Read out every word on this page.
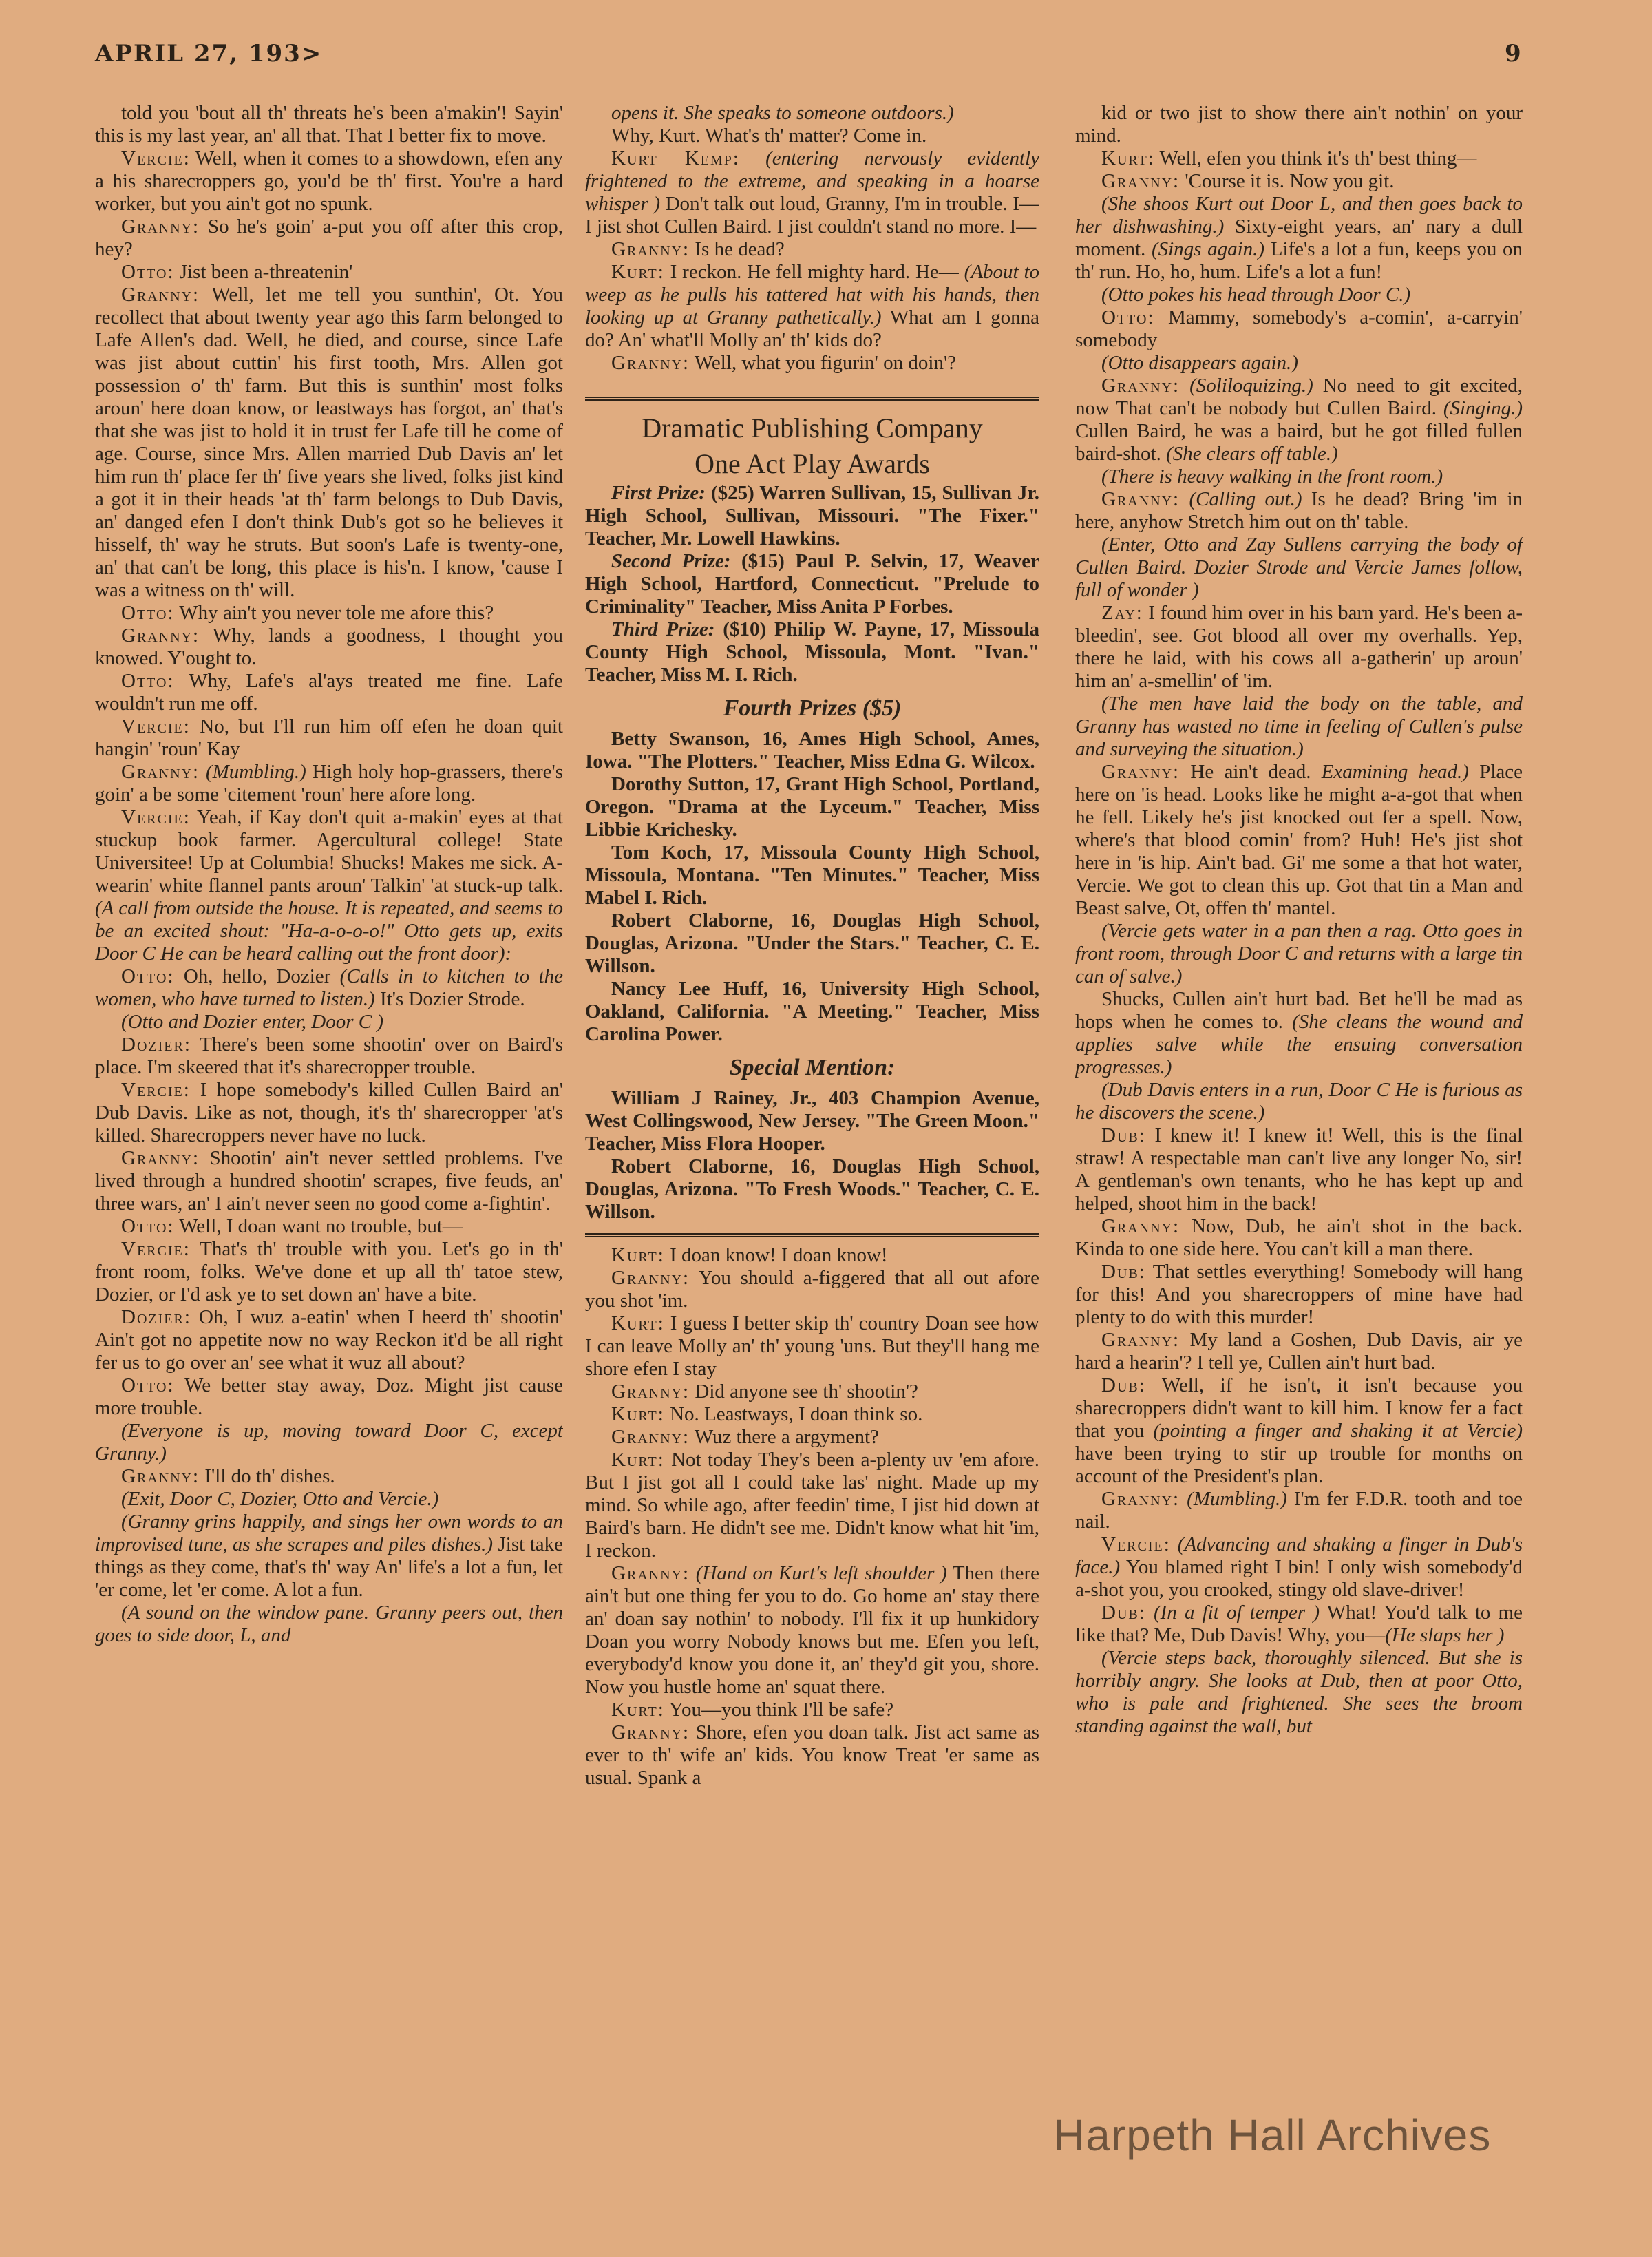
APRIL 27, 193>	9

told you 'bout all th' threats he's been a'makin'! Sayin' this is my last year, an' all that. That I better fix to move.

Vercie: Well, when it comes to a showdown, efen any a his sharecroppers go, you'd be th' first. You're a hard worker, but you ain't got no spunk.

Granny: So he's goin' a-put you off after this crop, hey?

Otto: Jist been a-threatenin'

Granny: Well, let me tell you sunthin', Ot. You recollect that about twenty year ago this farm belonged to Lafe Allen's dad. Well, he died, and course, since Lafe was jist about cuttin' his first tooth, Mrs. Allen got possession o' th' farm. But this is sunthin' most folks aroun' here doan know, or leastways has forgot, an' that's that she was jist to hold it in trust fer Lafe till he come of age. Course, since Mrs. Allen married Dub Davis an' let him run th' place fer th' five years she lived, folks jist kind a got it in their heads 'at th' farm belongs to Dub Davis, an' danged efen I don't think Dub's got so he believes it hisself, th' way he struts. But soon's Lafe is twenty-one, an' that can't be long, this place is his'n. I know, 'cause I was a witness on th' will.

Otto: Why ain't you never tole me afore this?

Granny: Why, lands a goodness, I thought you knowed. Y'ought to.

Otto: Why, Lafe's al'ays treated me fine. Lafe wouldn't run me off.

Vercie: No, but I'll run him off efen he doan quit hangin' 'roun' Kay

Granny: (Mumbling.) High holy hop-grassers, there's goin' a be some 'citement 'roun' here afore long.

Vercie: Yeah, if Kay don't quit a-makin' eyes at that stuckup book farmer. Agercultural college! State Universitee! Up at Columbia! Shucks! Makes me sick. A-wearin' white flannel pants aroun' Talkin' 'at stuck-up talk. (A call from outside the house. It is repeated, and seems to be an excited shout: "Ha-a-o-o-o!" Otto gets up, exits Door C He can be heard calling out the front door):

Otto: Oh, hello, Dozier (Calls in to kitchen to the women, who have turned to listen.) It's Dozier Strode.

(Otto and Dozier enter, Door C )

Dozier: There's been some shootin' over on Baird's place. I'm skeered that it's sharecropper trouble.

Vercie: I hope somebody's killed Cullen Baird an' Dub Davis. Like as not, though, it's th' sharecropper 'at's killed. Sharecroppers never have no luck.

Granny: Shootin' ain't never settled problems. I've lived through a hundred shootin' scrapes, five feuds, an' three wars, an' I ain't never seen no good come a-fightin'.

Otto: Well, I doan want no trouble, but—

Vercie: That's th' trouble with you. Let's go in th' front room, folks. We've done et up all th' tatoe stew, Dozier, or I'd ask ye to set down an' have a bite.

Dozier: Oh, I wuz a-eatin' when I heerd th' shootin' Ain't got no appetite now no way Reckon it'd be all right fer us to go over an' see what it wuz all about?

Otto: We better stay away, Doz. Might jist cause more trouble.

(Everyone is up, moving toward Door C, except Granny.)

Granny: I'll do th' dishes.

(Exit, Door C, Dozier, Otto and Vercie.)

(Granny grins happily, and sings her own words to an improvised tune, as she scrapes and piles dishes.) Jist take things as they come, that's th' way An' life's a lot a fun, let 'er come, let 'er come. A lot a fun.

(A sound on the window pane. Granny peers out, then goes to side door, L, and

opens it. She speaks to someone outdoors.)

Why, Kurt. What's th' matter? Come in.

Kurt Kemp: (entering nervously evidently frightened to the extreme, and speaking in a hoarse whisper ) Don't talk out loud, Granny, I'm in trouble. I—I jist shot Cullen Baird. I jist couldn't stand no more. I—

Granny: Is he dead?

Kurt: I reckon. He fell mighty hard. He— (About to weep as he pulls his tattered hat with his hands, then looking up at Granny pathetically.) What am I gonna do? An' what'll Molly an' th' kids do?

Granny: Well, what you figurin' on doin'?

Dramatic Publishing Company
One Act Play Awards

First Prize: ($25) Warren Sullivan, 15, Sullivan Jr. High School, Sullivan, Missouri. "The Fixer." Teacher, Mr. Lowell Hawkins.

Second Prize: ($15) Paul P. Selvin, 17, Weaver High School, Hartford, Connecticut. "Prelude to Criminality" Teacher, Miss Anita P Forbes.

Third Prize: ($10) Philip W. Payne, 17, Missoula County High School, Missoula, Mont. "Ivan." Teacher, Miss M. I. Rich.

Fourth Prizes ($5)

Betty Swanson, 16, Ames High School, Ames, Iowa. "The Plotters." Teacher, Miss Edna G. Wilcox.

Dorothy Sutton, 17, Grant High School, Portland, Oregon. "Drama at the Lyceum." Teacher, Miss Libbie Krichesky.

Tom Koch, 17, Missoula County High School, Missoula, Montana. "Ten Minutes." Teacher, Miss Mabel I. Rich.

Robert Claborne, 16, Douglas High School, Douglas, Arizona. "Under the Stars." Teacher, C. E. Willson.

Nancy Lee Huff, 16, University High School, Oakland, California. "A Meeting." Teacher, Miss Carolina Power.

Special Mention:

William J Rainey, Jr., 403 Champion Avenue, West Collingswood, New Jersey. "The Green Moon." Teacher, Miss Flora Hooper.

Robert Claborne, 16, Douglas High School, Douglas, Arizona. "To Fresh Woods." Teacher, C. E. Willson.

Kurt: I doan know! I doan know!

Granny: You should a-figgered that all out afore you shot 'im.

Kurt: I guess I better skip th' country Doan see how I can leave Molly an' th' young 'uns. But they'll hang me shore efen I stay

Granny: Did anyone see th' shootin'?

Kurt: No. Leastways, I doan think so.

Granny: Wuz there a argyment?

Kurt: Not today They's been a-plenty uv 'em afore. But I jist got all I could take las' night. Made up my mind. So while ago, after feedin' time, I jist hid down at Baird's barn. He didn't see me. Didn't know what hit 'im, I reckon.

Granny: (Hand on Kurt's left shoulder ) Then there ain't but one thing fer you to do. Go home an' stay there an' doan say nothin' to nobody. I'll fix it up hunkidory Doan you worry Nobody knows but me. Efen you left, everybody'd know you done it, an' they'd git you, shore. Now you hustle home an' squat there.

Kurt: You—you think I'll be safe?

Granny: Shore, efen you doan talk. Jist act same as ever to th' wife an' kids. You know Treat 'er same as usual. Spank a

kid or two jist to show there ain't nothin' on your mind.

Kurt: Well, efen you think it's th' best thing—

Granny: 'Course it is. Now you git.

(She shoos Kurt out Door L, and then goes back to her dishwashing.) Sixty-eight years, an' nary a dull moment. (Sings again.) Life's a lot a fun, keeps you on th' run. Ho, ho, hum. Life's a lot a fun!

(Otto pokes his head through Door C.)

Otto: Mammy, somebody's a-comin', a-carryin' somebody

(Otto disappears again.)

Granny: (Soliloquizing.) No need to git excited, now That can't be nobody but Cullen Baird. (Singing.) Cullen Baird, he was a baird, but he got filled fullen baird-shot. (She clears off table.)

(There is heavy walking in the front room.)

Granny: (Calling out.) Is he dead? Bring 'im in here, anyhow Stretch him out on th' table.

(Enter, Otto and Zay Sullens carrying the body of Cullen Baird. Dozier Strode and Vercie James follow, full of wonder )

Zay: I found him over in his barn yard. He's been a-bleedin', see. Got blood all over my overhalls. Yep, there he laid, with his cows all a-gatherin' up aroun' him an' a-smellin' of 'im.

(The men have laid the body on the table, and Granny has wasted no time in feeling of Cullen's pulse and surveying the situation.)

Granny: He ain't dead. Examining head.) Place here on 'is head. Looks like he might a-a-got that when he fell. Likely he's jist knocked out fer a spell. Now, where's that blood comin' from? Huh! He's jist shot here in 'is hip. Ain't bad. Gi' me some a that hot water, Vercie. We got to clean this up. Got that tin a Man and Beast salve, Ot, offen th' mantel.

(Vercie gets water in a pan then a rag. Otto goes in front room, through Door C and returns with a large tin can of salve.)

Shucks, Cullen ain't hurt bad. Bet he'll be mad as hops when he comes to. (She cleans the wound and applies salve while the ensuing conversation progresses.)

(Dub Davis enters in a run, Door C He is furious as he discovers the scene.)

Dub: I knew it! I knew it! Well, this is the final straw! A respectable man can't live any longer No, sir! A gentleman's own tenants, who he has kept up and helped, shoot him in the back!

Granny: Now, Dub, he ain't shot in the back. Kinda to one side here. You can't kill a man there.

Dub: That settles everything! Somebody will hang for this! And you sharecroppers of mine have had plenty to do with this murder!

Granny: My land a Goshen, Dub Davis, air ye hard a hearin'? I tell ye, Cullen ain't hurt bad.

Dub: Well, if he isn't, it isn't because you sharecroppers didn't want to kill him. I know fer a fact that you (pointing a finger and shaking it at Vercie) have been trying to stir up trouble for months on account of the President's plan.

Granny: (Mumbling.) I'm fer F.D.R. tooth and toe nail.

Vercie: (Advancing and shaking a finger in Dub's face.) You blamed right I bin! I only wish somebody'd a-shot you, you crooked, stingy old slave-driver!

Dub: (In a fit of temper ) What! You'd talk to me like that? Me, Dub Davis! Why, you—(He slaps her )

(Vercie steps back, thoroughly silenced. But she is horribly angry. She looks at Dub, then at poor Otto, who is pale and frightened. She sees the broom standing against the wall, but

Harpeth Hall Archives
